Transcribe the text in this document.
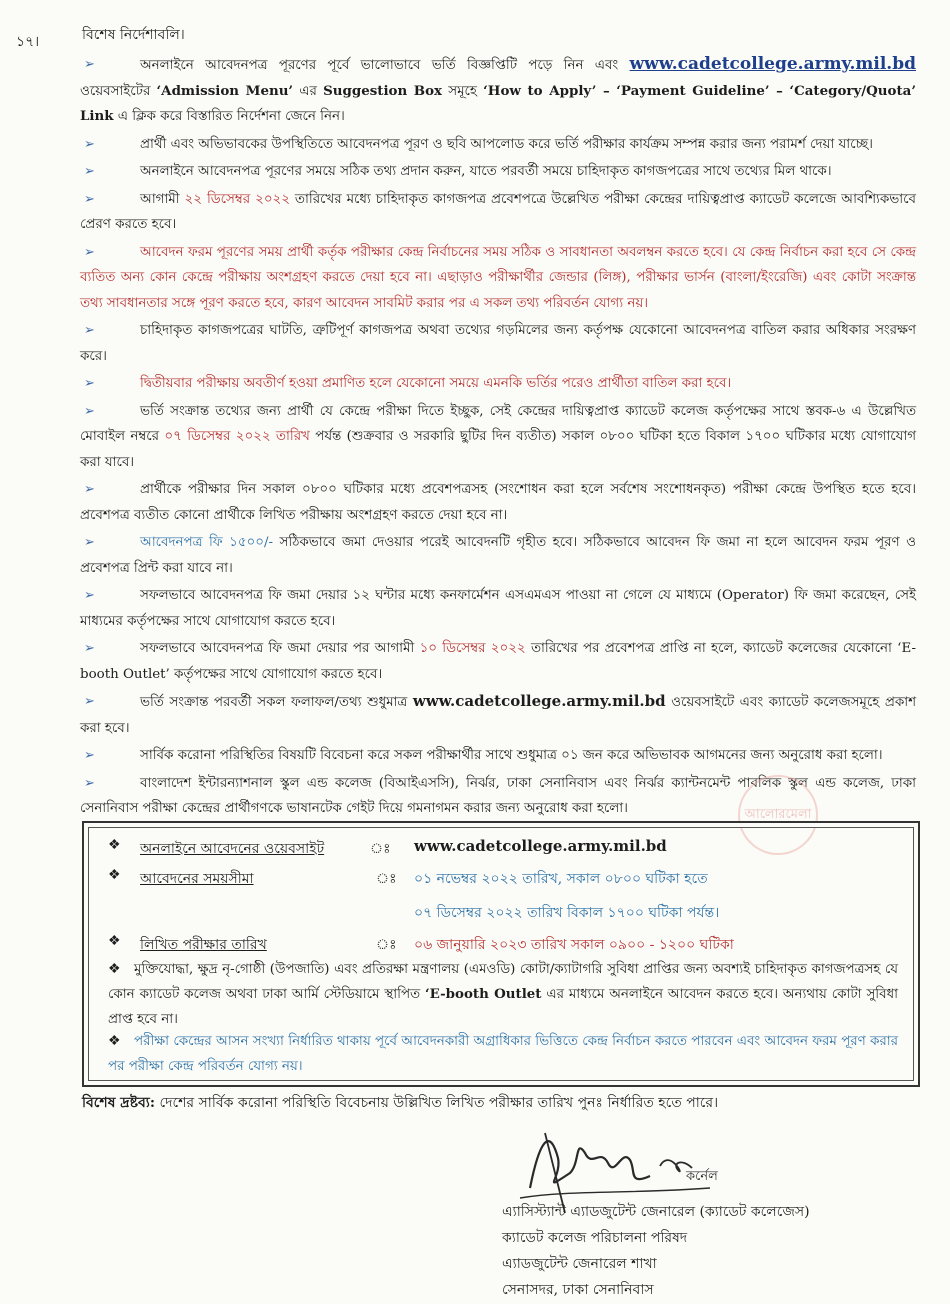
১৭।	বিশেষ নির্দেশাবলি।
➢	অনলাইনে আবেদনপত্র পূরণের পূর্বে ভালোভাবে ভর্তি বিজ্ঞপ্তিটি পড়ে নিন এবং www.cadetcollege.army.mil.bd ওয়েবসাইটের ‘Admission Menu’ এর Suggestion Box সমূহে ‘How to Apply’ – ‘Payment Guideline’ – ‘Category/Quota’ Link এ ক্লিক করে বিস্তারিত নির্দেশনা জেনে নিন।
➢	প্রার্থী এবং অভিভাবকের উপস্থিতিতে আবেদনপত্র পূরণ ও ছবি আপলোড করে ভর্তি পরীক্ষার কার্যক্রম সম্পন্ন করার জন্য পরামর্শ দেয়া যাচ্ছে।
➢	অনলাইনে আবেদনপত্র পূরণের সময়ে সঠিক তথ্য প্রদান করুন, যাতে পরবর্তী সময়ে চাহিদাকৃত কাগজপত্রের সাথে তথ্যের মিল থাকে।
➢	আগামী ২২ ডিসেম্বর ২০২২ তারিখের মধ্যে চাহিদাকৃত কাগজপত্র প্রবেশপত্রে উল্লেখিত পরীক্ষা কেন্দ্রের দায়িত্বপ্রাপ্ত ক্যাডেট কলেজে আবশ্যিকভাবে প্রেরণ করতে হবে।
➢	আবেদন ফরম পূরণের সময় প্রার্থী কর্তৃক পরীক্ষার কেন্দ্র নির্বাচনের সময় সঠিক ও সাবধানতা অবলম্বন করতে হবে। যে কেন্দ্র নির্বাচন করা হবে সে কেন্দ্র ব্যতিত অন্য কোন কেন্দ্রে পরীক্ষায় অংশগ্রহণ করতে দেয়া হবে না। এছাড়াও পরীক্ষার্থীর জেন্ডার (লিঙ্গ), পরীক্ষার ভার্সন (বাংলা/ইংরেজি) এবং কোটা সংক্রান্ত তথ্য সাবধানতার সঙ্গে পূরণ করতে হবে, কারণ আবেদন সাবমিট করার পর এ সকল তথ্য পরিবর্তন যোগ্য নয়।
➢	চাহিদাকৃত কাগজপত্রের ঘাটতি, ত্রুটিপূর্ণ কাগজপত্র অথবা তথ্যের গড়মিলের জন্য কর্তৃপক্ষ যেকোনো আবেদনপত্র বাতিল করার অধিকার সংরক্ষণ করে।
➢	দ্বিতীয়বার পরীক্ষায় অবতীর্ণ হওয়া প্রমাণিত হলে যেকোনো সময়ে এমনকি ভর্তির পরেও প্রার্থীতা বাতিল করা হবে।
➢	ভর্তি সংক্রান্ত তথ্যের জন্য প্রার্থী যে কেন্দ্রে পরীক্ষা দিতে ইচ্ছুক, সেই কেন্দ্রের দায়িত্বপ্রাপ্ত ক্যাডেট কলেজ কর্তৃপক্ষের সাথে স্তবক-৬ এ উল্লেখিত মোবাইল নম্বরে ০৭ ডিসেম্বর ২০২২ তারিখ পর্যন্ত (শুক্রবার ও সরকারি ছুটির দিন ব্যতীত) সকাল ০৮০০ ঘটিকা হতে বিকাল ১৭০০ ঘটিকার মধ্যে যোগাযোগ করা যাবে।
➢	প্রার্থীকে পরীক্ষার দিন সকাল ০৮০০ ঘটিকার মধ্যে প্রবেশপত্রসহ (সংশোধন করা হলে সর্বশেষ সংশোধনকৃত) পরীক্ষা কেন্দ্রে উপস্থিত হতে হবে। প্রবেশপত্র ব্যতীত কোনো প্রার্থীকে লিখিত পরীক্ষায় অংশগ্রহণ করতে দেয়া হবে না।
➢	আবেদনপত্র ফি ১৫০০/- সঠিকভাবে জমা দেওয়ার পরেই আবেদনটি গৃহীত হবে। সঠিকভাবে আবেদন ফি জমা না হলে আবেদন ফরম পূরণ ও প্রবেশপত্র প্রিন্ট করা যাবে না।
➢	সফলভাবে আবেদনপত্র ফি জমা দেয়ার ১২ ঘন্টার মধ্যে কনফার্মেশন এসএমএস পাওয়া না গেলে যে মাধ্যমে (Operator) ফি জমা করেছেন, সেই মাধ্যমের কর্তৃপক্ষের সাথে যোগাযোগ করতে হবে।
➢	সফলভাবে আবেদনপত্র ফি জমা দেয়ার পর আগামী ১০ ডিসেম্বর ২০২২ তারিখের পর প্রবেশপত্র প্রাপ্তি না হলে, ক্যাডেট কলেজের যেকোনো ‘E-booth Outlet’ কর্তৃপক্ষের সাথে যোগাযোগ করতে হবে।
➢	ভর্তি সংক্রান্ত পরবর্তী সকল ফলাফল/তথ্য শুধুমাত্র www.cadetcollege.army.mil.bd ওয়েবসাইটে এবং ক্যাডেট কলেজসমূহে প্রকাশ করা হবে।
➢	সার্বিক করোনা পরিস্থিতির বিষয়টি বিবেচনা করে সকল পরীক্ষার্থীর সাথে শুধুমাত্র ০১ জন করে অভিভাবক আগমনের জন্য অনুরোধ করা হলো।
➢	বাংলাদেশ ইন্টারন্যাশনাল স্কুল এন্ড কলেজ (বিআইএসসি), নির্ঝর, ঢাকা সেনানিবাস এবং নির্ঝর ক্যান্টনমেন্ট পাবলিক স্কুল এন্ড কলেজ, ঢাকা সেনানিবাস পরীক্ষা কেন্দ্রের প্রার্থীগণকে ভাষানটেক গেইট দিয়ে গমনাগমন করার জন্য অনুরোধ করা হলো।	আলোরমেলা
❖ অনলাইনে আবেদনের ওয়েবসাইট	ঃ www.cadetcollege.army.mil.bd
❖ আবেদনের সময়সীমা	ঃ ০১ নভেম্বর ২০২২ তারিখ, সকাল ০৮০০ ঘটিকা হতে
০৭ ডিসেম্বর ২০২২ তারিখ বিকাল ১৭০০ ঘটিকা পর্যন্ত।
❖ লিখিত পরীক্ষার তারিখ	ঃ ০৬ জানুয়ারি ২০২৩ তারিখ সকাল ০৯০০ - ১২০০ ঘটিকা
❖ মুক্তিযোদ্ধা, ক্ষুদ্র নৃ-গোষ্ঠী (উপজাতি) এবং প্রতিরক্ষা মন্ত্রণালয় (এমওডি) কোটা/ক্যাটাগরি সুবিধা প্রাপ্তির জন্য অবশ্যই চাহিদাকৃত কাগজপত্রসহ যে কোন ক্যাডেট কলেজ অথবা ঢাকা আর্মি স্টেডিয়ামে স্থাপিত ‘E-booth Outlet এর মাধ্যমে অনলাইনে আবেদন করতে হবে। অন্যথায় কোটা সুবিধা প্রাপ্ত হবে না।
❖ পরীক্ষা কেন্দ্রের আসন সংখ্যা নির্ধারিত থাকায় পূর্বে আবেদনকারী অগ্রাধিকার ভিত্তিতে কেন্দ্র নির্বাচন করতে পারবেন এবং আবেদন ফরম পূরণ করার পর পরীক্ষা কেন্দ্র পরিবর্তন যোগ্য নয়।
বিশেষ দ্রষ্টব্য: দেশের সার্বিক করোনা পরিস্থিতি বিবেচনায় উল্লিখিত লিখিত পরীক্ষার তারিখ পুনঃ নির্ধারিত হতে পারে।
কর্নেল
এ্যাসিস্ট্যান্ট এ্যাডজুটেন্ট জেনারেল (ক্যাডেট কলেজেস)
ক্যাডেট কলেজ পরিচালনা পরিষদ
এ্যাডজুটেন্ট জেনারেল শাখা
সেনাসদর, ঢাকা সেনানিবাস
